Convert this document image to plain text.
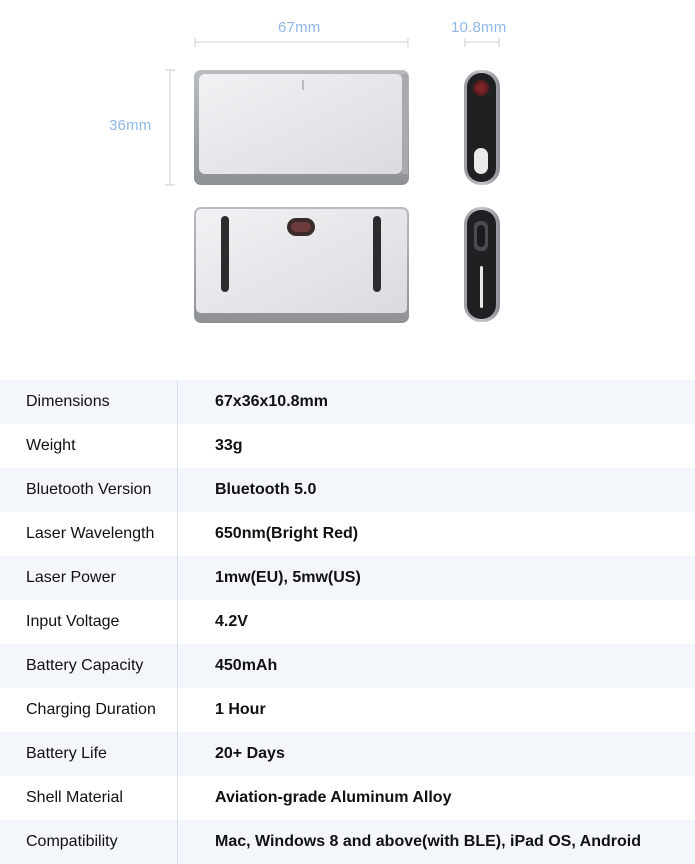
67mm	10.8mm
36mm
Dimensions	67x36x10.8mm
Weight	33g
Bluetooth Version	Bluetooth 5.0
Laser Wavelength	650nm(Bright Red)
Laser Power	1mw(EU), 5mw(US)
Input Voltage	4.2V
Battery Capacity	450mAh
Charging Duration	1 Hour
Battery Life	20+ Days
Shell Material	Aviation-grade Aluminum Alloy
Compatibility	Mac, Windows 8 and above(with BLE), iPad OS, Android
